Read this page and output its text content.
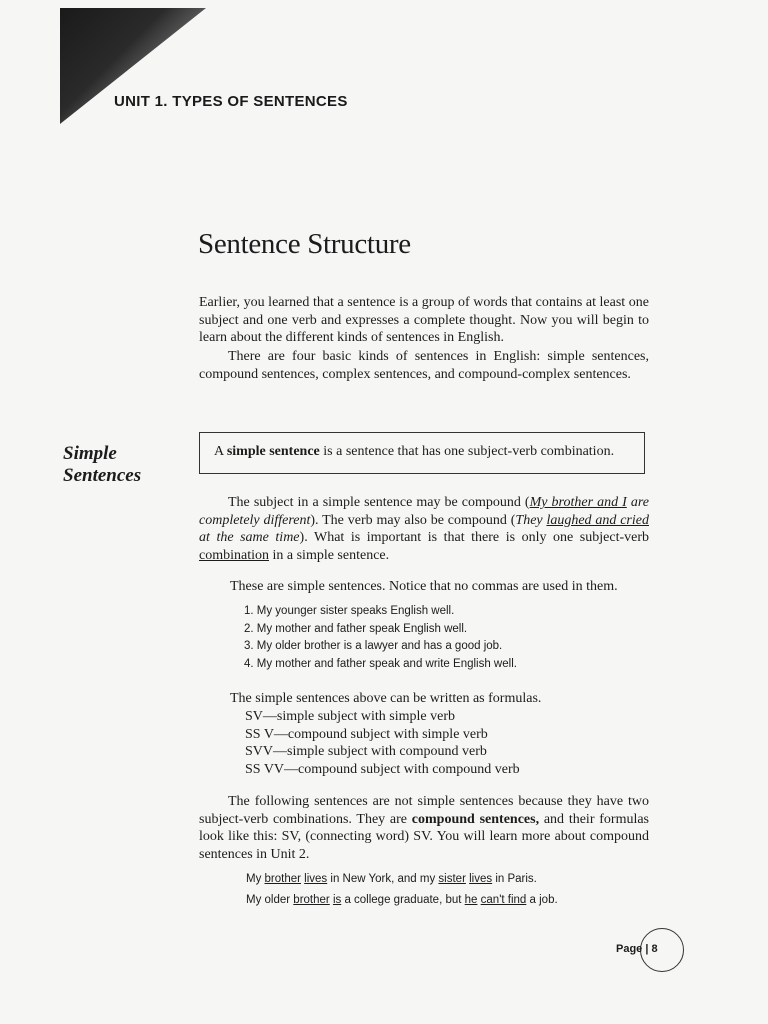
UNIT 1. TYPES OF SENTENCES
Sentence Structure

Earlier, you learned that a sentence is a group of words that contains at least one subject and one verb and expresses a complete thought. Now you will begin to learn about the different kinds of sentences in English.

There are four basic kinds of sentences in English: simple sentences, compound sentences, complex sentences, and compound-complex sentences.

Simple
Sentences
A simple sentence is a sentence that has one subject-verb combination.

The subject in a simple sentence may be compound (My brother and I are completely different). The verb may also be compound (They laughed and cried at the same time). What is important is that there is only one subject-verb combination in a simple sentence.

These are simple sentences. Notice that no commas are used in them.

1. My younger sister speaks English well.
2. My mother and father speak English well.
3. My older brother is a lawyer and has a good job.
4. My mother and father speak and write English well.

The simple sentences above can be written as formulas.

SV—simple subject with simple verb
SS V—compound subject with simple verb
SVV—simple subject with compound verb
SS VV—compound subject with compound verb

The following sentences are not simple sentences because they have two subject-verb combinations. They are compound sentences, and their formulas look like this: SV, (connecting word) SV. You will learn more about compound sentences in Unit 2.

My brother lives in New York, and my sister lives in Paris.

My older brother is a college graduate, but he can't find a job.

Page | 8
